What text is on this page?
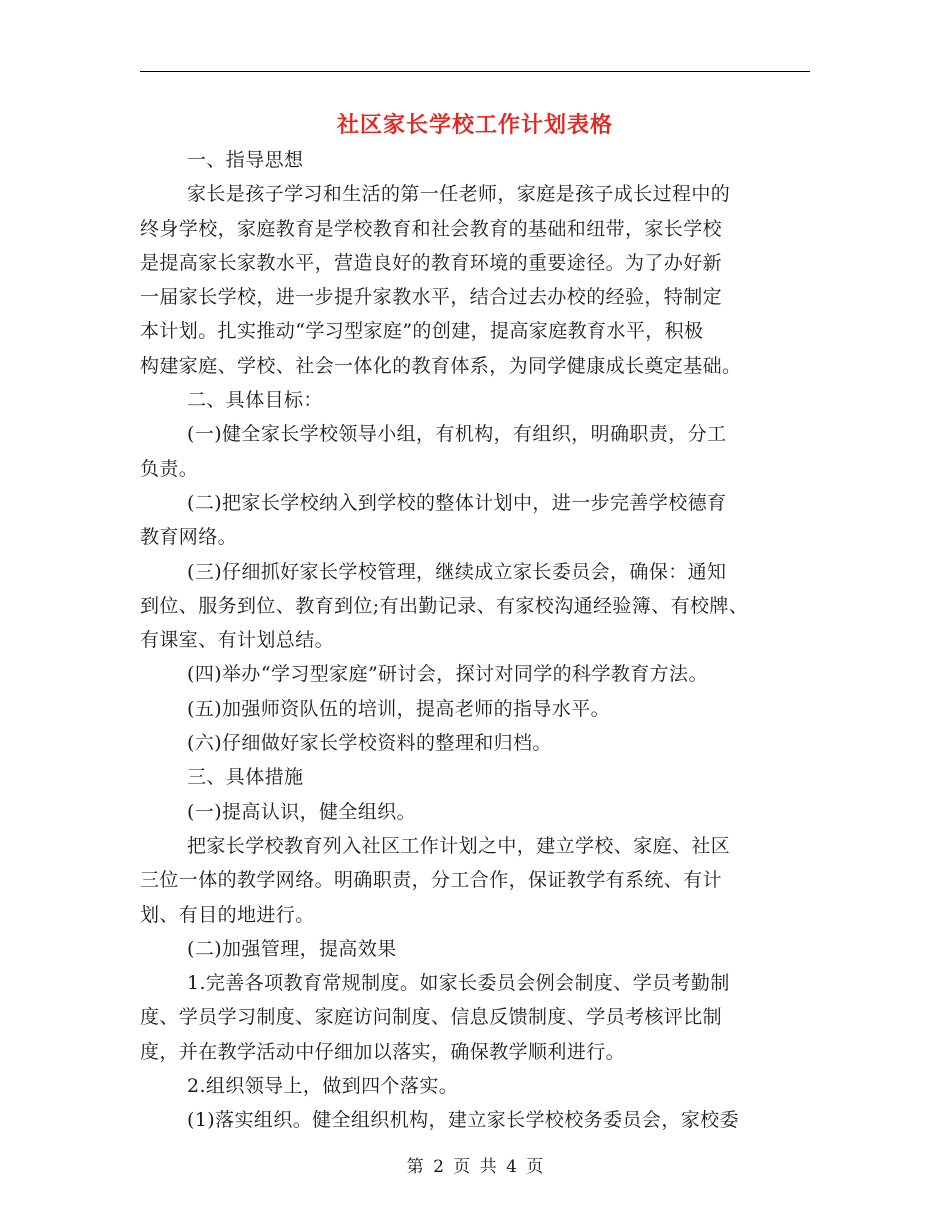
社区家长学校工作计划表格
一、指导思想
家长是孩子学习和生活的第一任老师，家庭是孩子成长过程中的
终身学校，家庭教育是学校教育和社会教育的基础和纽带，家长学校
是提高家长家教水平，营造良好的教育环境的重要途径。为了办好新
一届家长学校，进一步提升家教水平，结合过去办校的经验，特制定
本计划。扎实推动“学习型家庭”的创建，提高家庭教育水平，积极
构建家庭、学校、社会一体化的教育体系，为同学健康成长奠定基础。
二、具体目标：
(一)健全家长学校领导小组，有机构，有组织，明确职责，分工
负责。
(二)把家长学校纳入到学校的整体计划中，进一步完善学校德育
教育网络。
(三)仔细抓好家长学校管理，继续成立家长委员会，确保：通知
到位、服务到位、教育到位;有出勤记录、有家校沟通经验簿、有校牌、
有课室、有计划总结。
(四)举办“学习型家庭”研讨会，探讨对同学的科学教育方法。
(五)加强师资队伍的培训，提高老师的指导水平。
(六)仔细做好家长学校资料的整理和归档。
三、具体措施
(一)提高认识，健全组织。
把家长学校教育列入社区工作计划之中，建立学校、家庭、社区
三位一体的教学网络。明确职责，分工合作，保证教学有系统、有计
划、有目的地进行。
(二)加强管理，提高效果
1.完善各项教育常规制度。如家长委员会例会制度、学员考勤制
度、学员学习制度、家庭访问制度、信息反馈制度、学员考核评比制
度，并在教学活动中仔细加以落实，确保教学顺利进行。
2.组织领导上，做到四个落实。
(1)落实组织。健全组织机构，建立家长学校校务委员会，家校委
第 2 页 共 4 页
